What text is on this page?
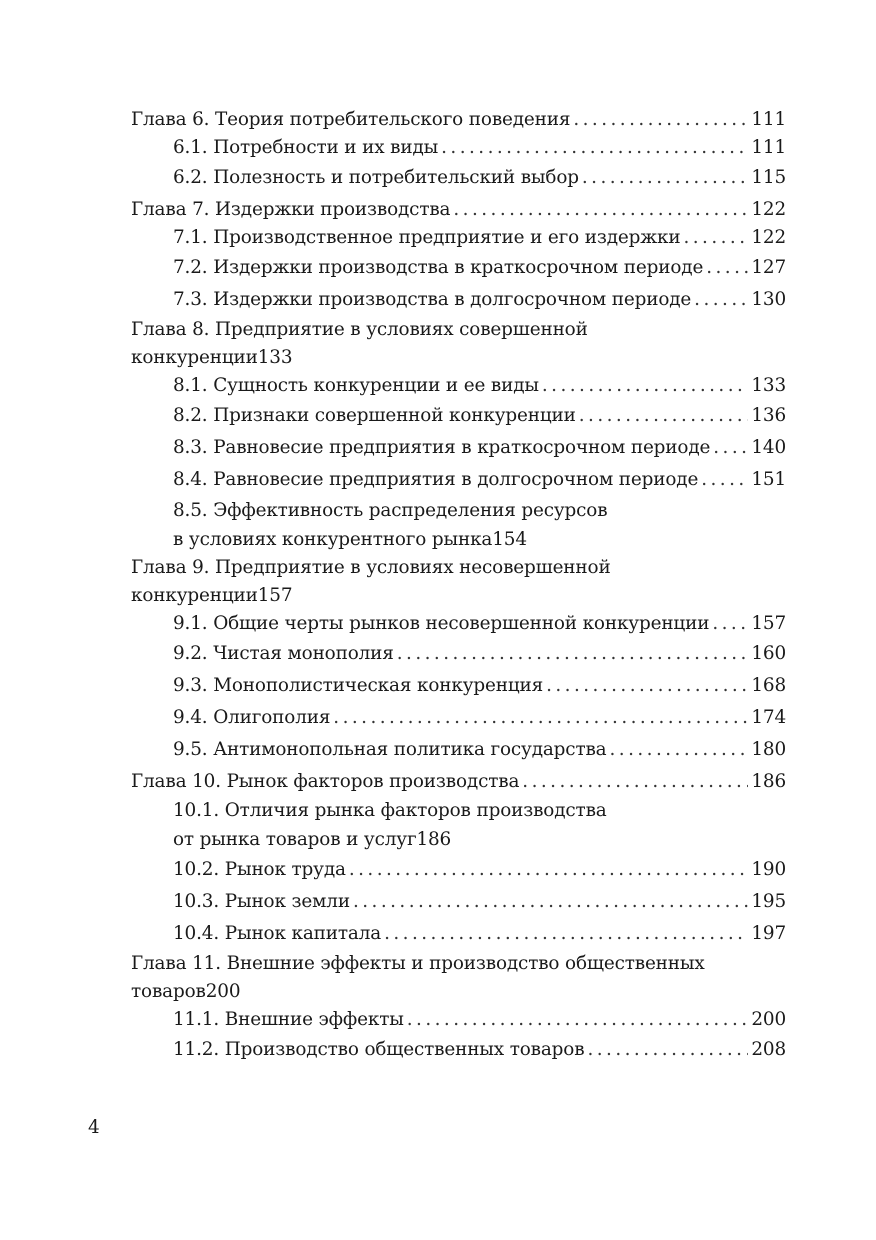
Глава 6. Теория потребительского поведения . . .	111
6.1. Потребности и их виды . . .	111
6.2. Полезность и потребительский выбор . . .	115
Глава 7. Издержки производства . . .	122
7.1. Производственное предприятие и его издержки . . .	122
7.2. Издержки производства в краткосрочном периоде . . .	127
7.3. Издержки производства в долгосрочном периоде . . .	130
Глава 8. Предприятие в условиях совершенной
конкуренции 133
8.1. Сущность конкуренции и ее виды . . .	133
8.2. Признаки совершенной конкуренции . . .	136
8.3. Равновесие предприятия в краткосрочном периоде . . . 140
8.4. Равновесие предприятия в долгосрочном периоде . . .	151
8.5. Эффективность распределения ресурсов
в условиях конкурентного рынка 154
Глава 9. Предприятие в условиях несовершенной
конкуренции 157
9.1. Общие черты рынков несовершенной конкуренции . . . 157
9.2. Чистая монополия . . .	160
9.3. Монополистическая конкуренция . . .	168
9.4. Олигополия . . .	174
9.5. Антимонопольная политика государства . . .	180
Глава 10. Рынок факторов производства . . .	186
10.1. Отличия рынка факторов производства
от рынка товаров и услуг 186
10.2. Рынок труда . . .	190
10.3. Рынок земли . . .	195
10.4. Рынок капитала . . .	197
Глава 11. Внешние эффекты и производство общественных
товаров 200
11.1. Внешние эффекты . . .	200
11.2. Производство общественных товаров . . .	208
4
